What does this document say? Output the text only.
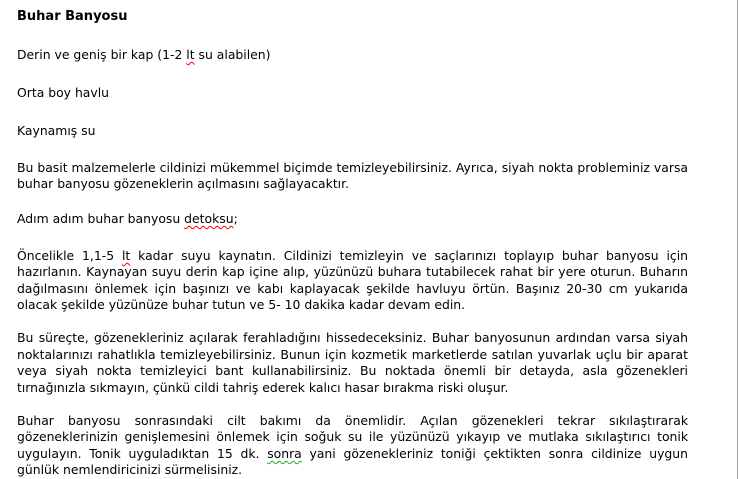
Buhar Banyosu
Derin ve geniş bir kap (1-2 lt su alabilen)
Orta boy havlu
Kaynamış su
Bu basit malzemelerle cildinizi mükemmel biçimde temizleyebilirsiniz. Ayrıca, siyah nokta probleminiz varsa buhar banyosu gözeneklerin açılmasını sağlayacaktır.
Adım adım buhar banyosu detoksu;
Öncelikle 1,1-5 lt kadar suyu kaynatın. Cildinizi temizleyin ve saçlarınızı toplayıp buhar banyosu için hazırlanın. Kaynayan suyu derin kap içine alıp, yüzünüzü buhara tutabilecek rahat bir yere oturun. Buharın dağılmasını önlemek için başınızı ve kabı kaplayacak şekilde havluyu örtün. Başınız 20-30 cm yukarıda olacak şekilde yüzünüze buhar tutun ve 5- 10 dakika kadar devam edin.
Bu süreçte, gözenekleriniz açılarak ferahladığını hissedeceksiniz. Buhar banyosunun ardından varsa siyah noktalarınızı rahatlıkla temizleyebilirsiniz. Bunun için kozmetik marketlerde satılan yuvarlak uçlu bir aparat veya siyah nokta temizleyici bant kullanabilirsiniz. Bu noktada önemli bir detayda, asla gözenekleri tırnağınızla sıkmayın, çünkü cildi tahriş ederek kalıcı hasar bırakma riski oluşur.
Buhar banyosu sonrasındaki cilt bakımı da önemlidir. Açılan gözenekleri tekrar sıkılaştırarak gözeneklerinizin genişlemesini önlemek için soğuk su ile yüzünüzü yıkayıp ve mutlaka sıkılaştırıcı tonik uygulayın. Tonik uyguladıktan 15 dk. sonra yani gözenekleriniz toniği çektikten sonra cildinize uygun günlük nemlendiricinizi sürmelisiniz.
